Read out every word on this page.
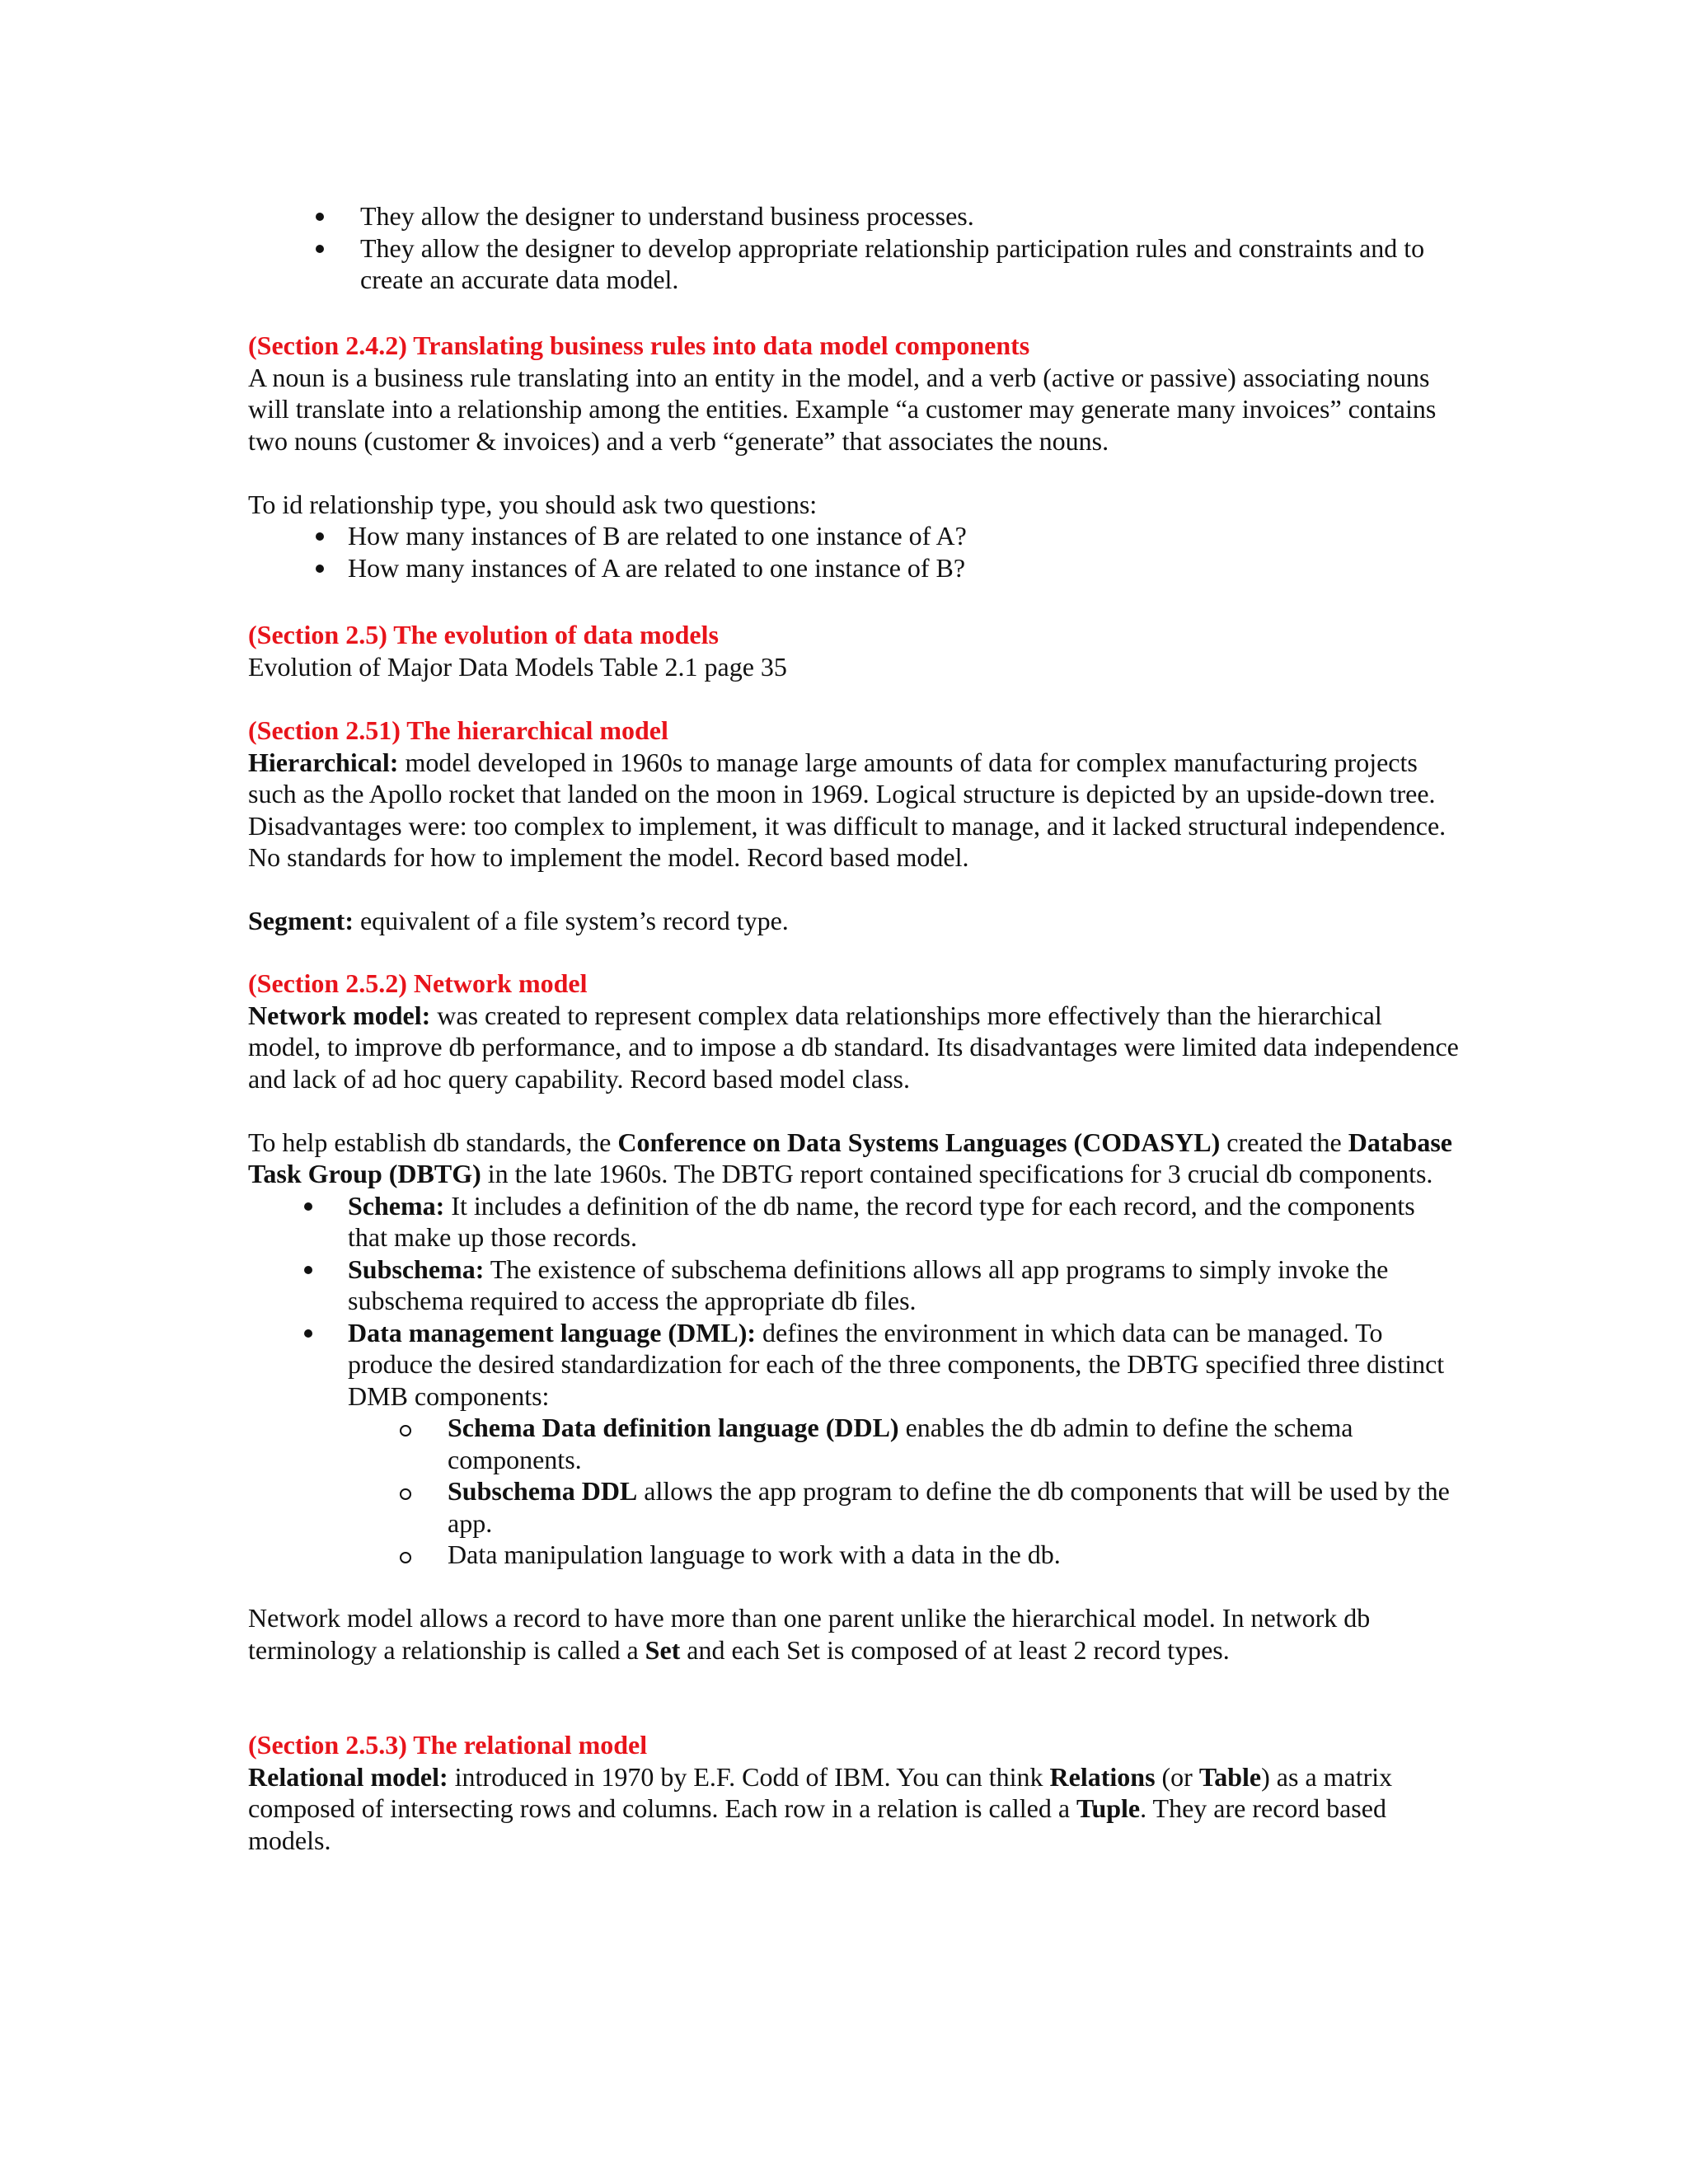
They allow the designer to understand business processes.
They allow the designer to develop appropriate relationship participation rules and constraints and to create an accurate data model.

(Section 2.4.2) Translating business rules into data model components

A noun is a business rule translating into an entity in the model, and a verb (active or passive) associating nouns will translate into a relationship among the entities. Example “a customer may generate many invoices” contains two nouns (customer & invoices) and a verb “generate” that associates the nouns.

To id relationship type, you should ask two questions:

How many instances of B are related to one instance of A?
How many instances of A are related to one instance of B?

(Section 2.5) The evolution of data models

Evolution of Major Data Models Table 2.1 page 35

(Section 2.51) The hierarchical model

Hierarchical: model developed in 1960s to manage large amounts of data for complex manufacturing projects such as the Apollo rocket that landed on the moon in 1969. Logical structure is depicted by an upside-down tree. Disadvantages were: too complex to implement, it was difficult to manage, and it lacked structural independence. No standards for how to implement the model. Record based model.

Segment: equivalent of a file system’s record type.

(Section 2.5.2) Network model

Network model: was created to represent complex data relationships more effectively than the hierarchical model, to improve db performance, and to impose a db standard. Its disadvantages were limited data independence and lack of ad hoc query capability. Record based model class.

To help establish db standards, the Conference on Data Systems Languages (CODASYL) created the Database Task Group (DBTG) in the late 1960s. The DBTG report contained specifications for 3 crucial db components.

Schema: It includes a definition of the db name, the record type for each record, and the components that make up those records.
Subschema: The existence of subschema definitions allows all app programs to simply invoke the subschema required to access the appropriate db files.
Data management language (DML): defines the environment in which data can be managed. To produce the desired standardization for each of the three components, the DBTG specified three distinct DMB components:
Schema Data definition language (DDL) enables the db admin to define the schema components.
Subschema DDL allows the app program to define the db components that will be used by the app.
Data manipulation language to work with a data in the db.

Network model allows a record to have more than one parent unlike the hierarchical model. In network db terminology a relationship is called a Set and each Set is composed of at least 2 record types.

(Section 2.5.3) The relational model

Relational model: introduced in 1970 by E.F. Codd of IBM. You can think Relations (or Table) as a matrix composed of intersecting rows and columns. Each row in a relation is called a Tuple. They are record based models.
